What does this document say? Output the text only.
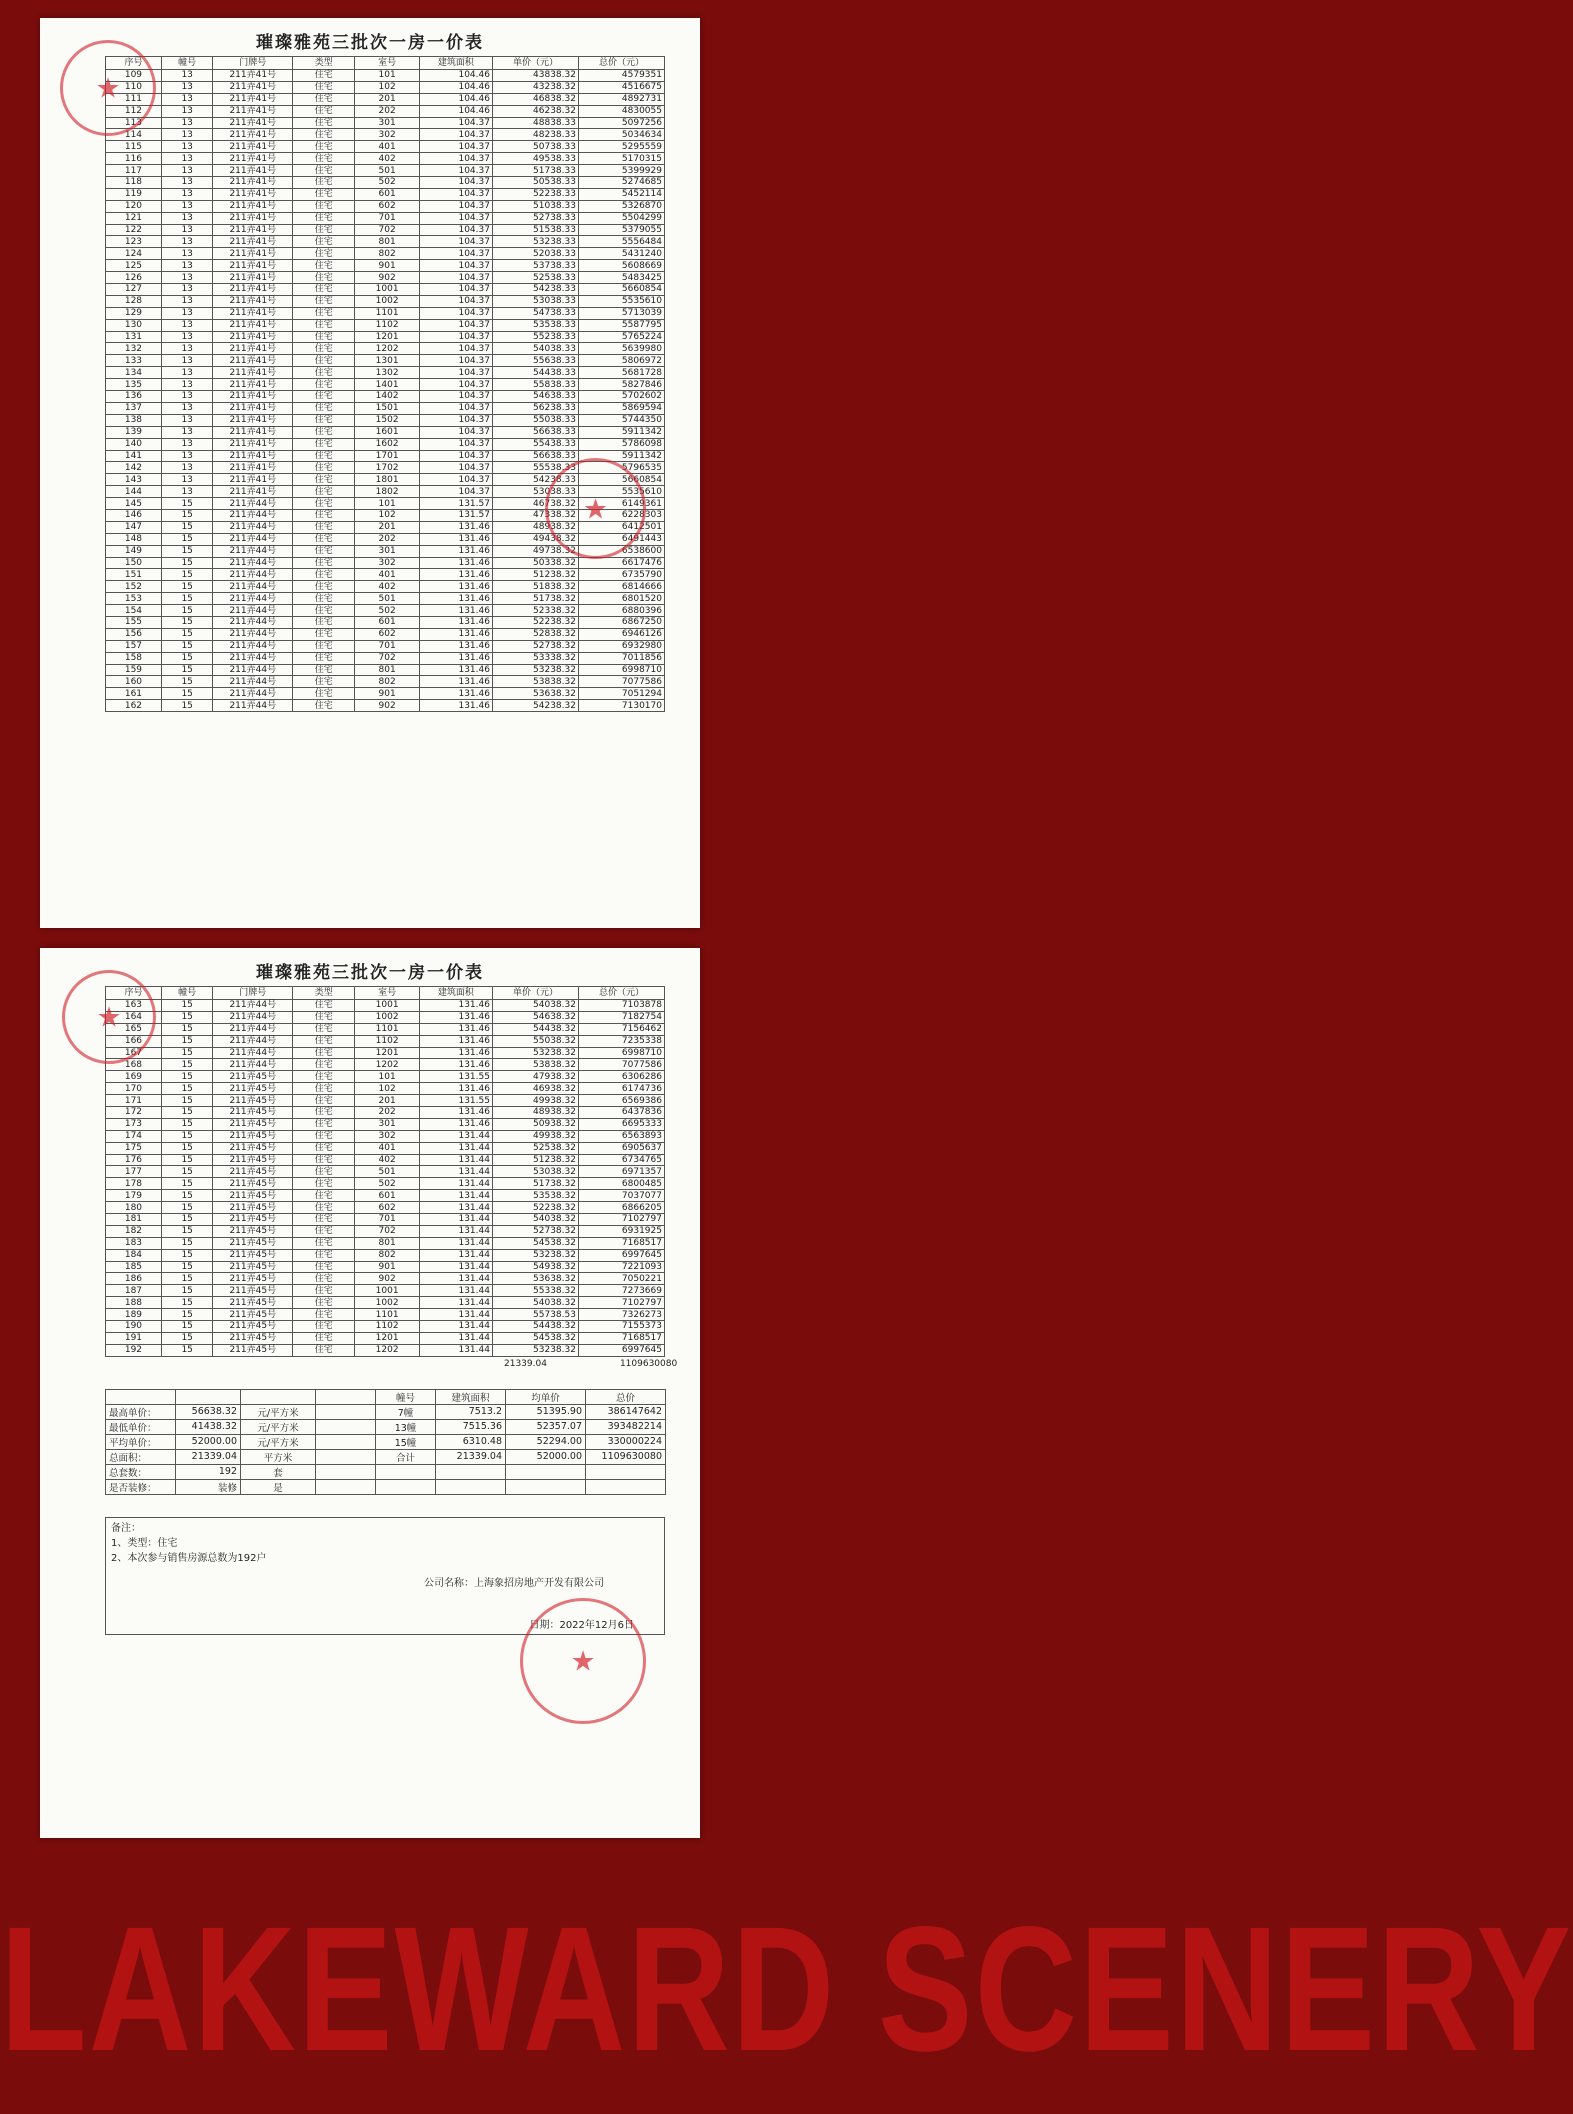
璀璨雅苑三批次一房一价表
序号	幢号	门牌号	类型	室号	建筑面积	单价（元）	总价（元）
109	13	211弄41号	住宅	101	104.46	43838.32	4579351
110	13	211弄41号	住宅	102	104.46	43238.32	4516675
111	13	211弄41号	住宅	201	104.46	46838.32	4892731
112	13	211弄41号	住宅	202	104.46	46238.32	4830055
113	13	211弄41号	住宅	301	104.37	48838.33	5097256
114	13	211弄41号	住宅	302	104.37	48238.33	5034634
115	13	211弄41号	住宅	401	104.37	50738.33	5295559
116	13	211弄41号	住宅	402	104.37	49538.33	5170315
117	13	211弄41号	住宅	501	104.37	51738.33	5399929
118	13	211弄41号	住宅	502	104.37	50538.33	5274685
119	13	211弄41号	住宅	601	104.37	52238.33	5452114
120	13	211弄41号	住宅	602	104.37	51038.33	5326870
121	13	211弄41号	住宅	701	104.37	52738.33	5504299
122	13	211弄41号	住宅	702	104.37	51538.33	5379055
123	13	211弄41号	住宅	801	104.37	53238.33	5556484
124	13	211弄41号	住宅	802	104.37	52038.33	5431240
125	13	211弄41号	住宅	901	104.37	53738.33	5608669
126	13	211弄41号	住宅	902	104.37	52538.33	5483425
127	13	211弄41号	住宅	1001	104.37	54238.33	5660854
128	13	211弄41号	住宅	1002	104.37	53038.33	5535610
129	13	211弄41号	住宅	1101	104.37	54738.33	5713039
130	13	211弄41号	住宅	1102	104.37	53538.33	5587795
131	13	211弄41号	住宅	1201	104.37	55238.33	5765224
132	13	211弄41号	住宅	1202	104.37	54038.33	5639980
133	13	211弄41号	住宅	1301	104.37	55638.33	5806972
134	13	211弄41号	住宅	1302	104.37	54438.33	5681728
135	13	211弄41号	住宅	1401	104.37	55838.33	5827846
136	13	211弄41号	住宅	1402	104.37	54638.33	5702602
137	13	211弄41号	住宅	1501	104.37	56238.33	5869594
138	13	211弄41号	住宅	1502	104.37	55038.33	5744350
139	13	211弄41号	住宅	1601	104.37	56638.33	5911342
140	13	211弄41号	住宅	1602	104.37	55438.33	5786098
141	13	211弄41号	住宅	1701	104.37	56638.33	5911342
142	13	211弄41号	住宅	1702	104.37	55538.33	5796535
143	13	211弄41号	住宅	1801	104.37	54238.33	5660854
144	13	211弄41号	住宅	1802	104.37	53038.33	5535610
145	15	211弄44号	住宅	101	131.57	46738.32	6149361
146	15	211弄44号	住宅	102	131.57	47338.32	6228303
147	15	211弄44号	住宅	201	131.46	48938.32	6412501
148	15	211弄44号	住宅	202	131.46	49438.32	6491443
149	15	211弄44号	住宅	301	131.46	49738.32	6538600
150	15	211弄44号	住宅	302	131.46	50338.32	6617476
151	15	211弄44号	住宅	401	131.46	51238.32	6735790
152	15	211弄44号	住宅	402	131.46	51838.32	6814666
153	15	211弄44号	住宅	501	131.46	51738.32	6801520
154	15	211弄44号	住宅	502	131.46	52338.32	6880396
155	15	211弄44号	住宅	601	131.46	52238.32	6867250
156	15	211弄44号	住宅	602	131.46	52838.32	6946126
157	15	211弄44号	住宅	701	131.46	52738.32	6932980
158	15	211弄44号	住宅	702	131.46	53338.32	7011856
159	15	211弄44号	住宅	801	131.46	53238.32	6998710
160	15	211弄44号	住宅	802	131.46	53838.32	7077586
161	15	211弄44号	住宅	901	131.46	53638.32	7051294
162	15	211弄44号	住宅	902	131.46	54238.32	7130170
★
★
璀璨雅苑三批次一房一价表
序号	幢号	门牌号	类型	室号	建筑面积	单价（元）	总价（元）
163	15	211弄44号	住宅	1001	131.46	54038.32	7103878
164	15	211弄44号	住宅	1002	131.46	54638.32	7182754
165	15	211弄44号	住宅	1101	131.46	54438.32	7156462
166	15	211弄44号	住宅	1102	131.46	55038.32	7235338
167	15	211弄44号	住宅	1201	131.46	53238.32	6998710
168	15	211弄44号	住宅	1202	131.46	53838.32	7077586
169	15	211弄45号	住宅	101	131.55	47938.32	6306286
170	15	211弄45号	住宅	102	131.46	46938.32	6174736
171	15	211弄45号	住宅	201	131.55	49938.32	6569386
172	15	211弄45号	住宅	202	131.46	48938.32	6437836
173	15	211弄45号	住宅	301	131.46	50938.32	6695333
174	15	211弄45号	住宅	302	131.44	49938.32	6563893
175	15	211弄45号	住宅	401	131.44	52538.32	6905637
176	15	211弄45号	住宅	402	131.44	51238.32	6734765
177	15	211弄45号	住宅	501	131.44	53038.32	6971357
178	15	211弄45号	住宅	502	131.44	51738.32	6800485
179	15	211弄45号	住宅	601	131.44	53538.32	7037077
180	15	211弄45号	住宅	602	131.44	52238.32	6866205
181	15	211弄45号	住宅	701	131.44	54038.32	7102797
182	15	211弄45号	住宅	702	131.44	52738.32	6931925
183	15	211弄45号	住宅	801	131.44	54538.32	7168517
184	15	211弄45号	住宅	802	131.44	53238.32	6997645
185	15	211弄45号	住宅	901	131.44	54938.32	7221093
186	15	211弄45号	住宅	902	131.44	53638.32	7050221
187	15	211弄45号	住宅	1001	131.44	55338.32	7273669
188	15	211弄45号	住宅	1002	131.44	54038.32	7102797
189	15	211弄45号	住宅	1101	131.44	55738.53	7326273
190	15	211弄45号	住宅	1102	131.44	54438.32	7155373
191	15	211弄45号	住宅	1201	131.44	54538.32	7168517
192	15	211弄45号	住宅	1202	131.44	53238.32	6997645
21339.04	1109630080
				幢号	建筑面积	均单价	总价
最高单价：	56638.32	元/平方米		7幢	7513.2	51395.90	386147642
最低单价：	41438.32	元/平方米		13幢	7515.36	52357.07	393482214
平均单价：	52000.00	元/平方米		15幢	6310.48	52294.00	330000224
总面积：	21339.04	平方米		合计	21339.04	52000.00	1109630080
总套数：	192	套					
是否装修：	装修	是					
备注：
1、类型：住宅
2、本次参与销售房源总数为192户
公司名称：上海象招房地产开发有限公司
日期：2022年12月6日
★
★
LAKEWARD SCENERY
